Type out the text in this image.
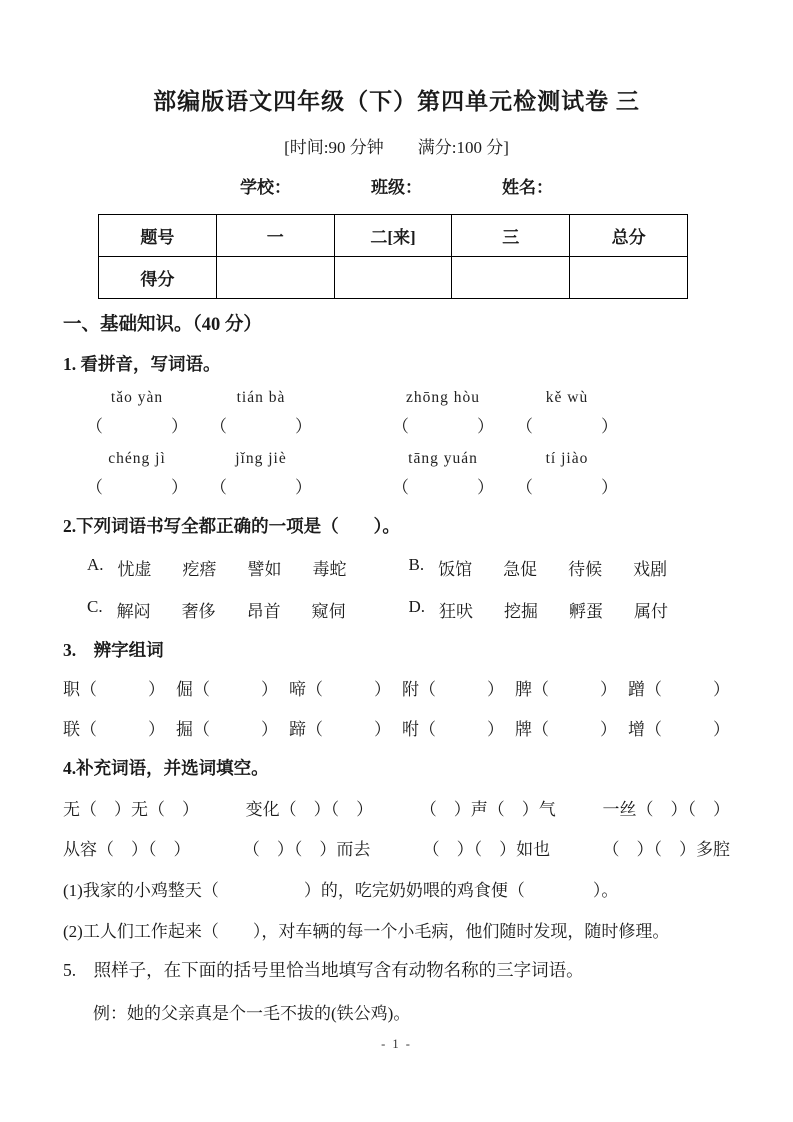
部编版语文四年级（下）第四单元检测试卷 三
[时间:90 分钟　　满分:100 分]
学校：	班级：	姓名：
题号	一	二[来]	三	总分
得分				
一、基础知识。（40 分）
1. 看拼音，写词语。
tǎo yàn	tián bà	zhōng hòu	kě wù
（　　　　）	（　　　　）	（　　　　）	（　　　　）
chéng jì	jǐng jiè	tāng yuán	tí jiào
（　　　　）	（　　　　）	（　　　　）	（　　　　）
2.下列词语书写全都正确的一项是（　　）。
A. 忧虚 疙瘩 譬如 毒蛇	B. 饭馆 急促 待候 戏剧
C. 解闷 奢侈 昂首 窥伺	D. 狂吠 挖掘 孵蛋 属付
3.　辨字组词
职（　　　） 倔（　　　） 啼（　　　） 附（　　　） 脾（　　　） 蹭（　　　）
联（　　　） 掘（　　　） 蹄（　　　） 咐（　　　） 牌（　　　） 增（　　　）
4.补充词语，并选词填空。
无（　）无（　）	变化（　）（　）	（　）声（　）气	一丝（　）（　）
从容（　）（　）	（　）（　）而去	（　）（　）如也	（　）（　）多腔
(1)我家的小鸡整天（　　　　　）的，吃完奶奶喂的鸡食便（　　　　）。
(2)工人们工作起来（　　），对车辆的每一个小毛病，他们随时发现，随时修理。
5.　照样子，在下面的括号里恰当地填写含有动物名称的三字词语。
例：她的父亲真是个一毛不拔的(铁公鸡)。
- 1 -
